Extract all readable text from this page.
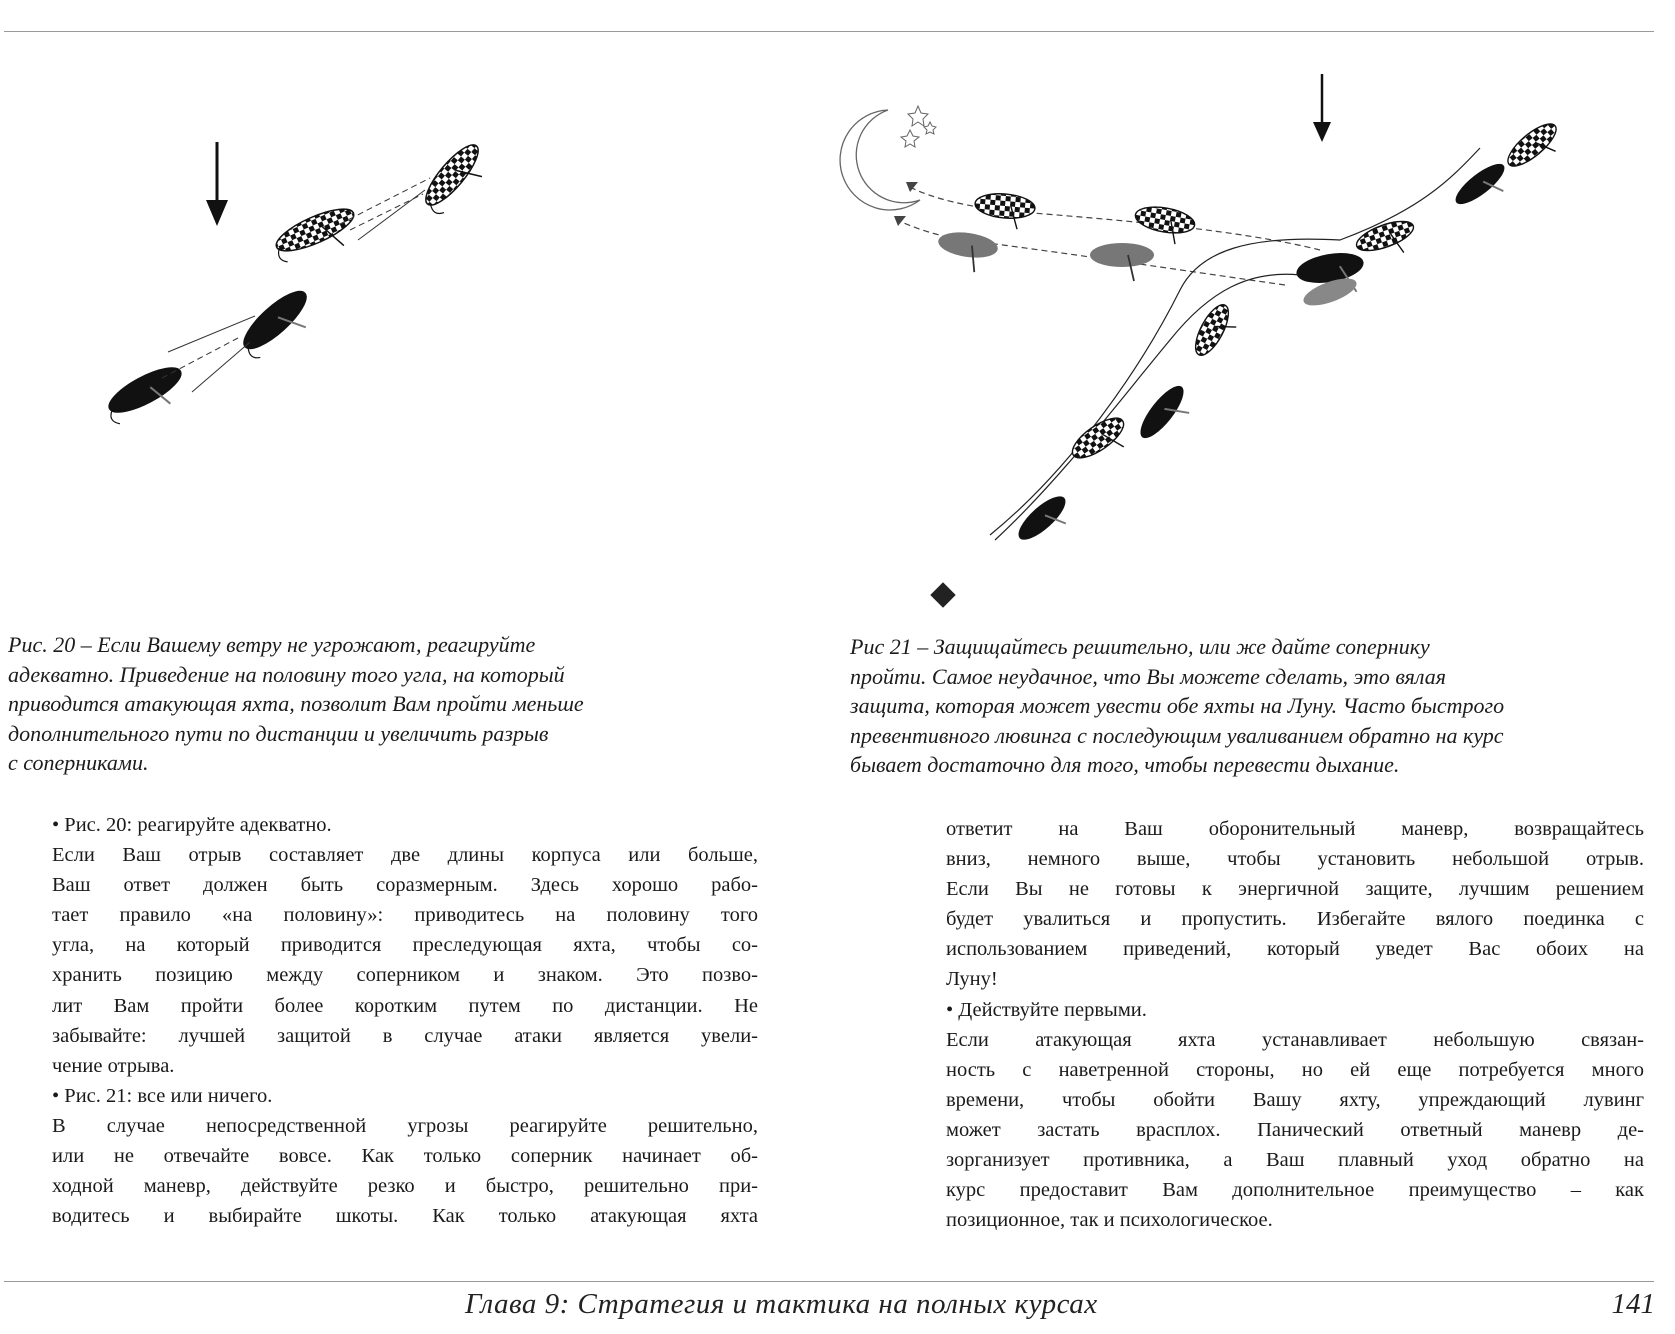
Рис. 20 – Если Вашему ветру не угрожают, реагируйте

адекватно. Приведение на половину того угла, на который

приводится атакующая яхта, позволит Вам пройти меньше

дополнительного пути по дистанции и увеличить разрыв

с соперниками.

Рис 21 – Защищайтесь решительно, или же дайте сопернику

пройти. Самое неудачное, что Вы можете сделать, это вялая

защита, которая может увести обе яхты на Луну. Часто быстрого

превентивного лювинга с последующим уваливанием обратно на курс

бывает достаточно для того, чтобы перевести дыхание.

• Рис. 20: реагируйте адекватно.

Если Ваш отрыв составляет две длины корпуса или больше,

Ваш ответ должен быть соразмерным. Здесь хорошо рабо-

тает правило «на половину»: приводитесь на половину того

угла, на который приводится преследующая яхта, чтобы со-

хранить позицию между соперником и знаком. Это позво-

лит Вам пройти более коротким путем по дистанции. Не

забывайте: лучшей защитой в случае атаки является увели-

чение отрыва.

• Рис. 21: все или ничего.

В случае непосредственной угрозы реагируйте решительно,

или не отвечайте вовсе. Как только соперник начинает об-

ходной маневр, действуйте резко и быстро, решительно при-

водитесь и выбирайте шкоты. Как только атакующая яхта

ответит на Ваш оборонительный маневр, возвращайтесь

вниз, немного выше, чтобы установить небольшой отрыв.

Если Вы не готовы к энергичной защите, лучшим решением

будет увалиться и пропустить. Избегайте вялого поединка с

использованием приведений, который уведет Вас обоих на

Луну!

• Действуйте первыми.

Если атакующая яхта устанавливает небольшую связан-

ность с наветренной стороны, но ей еще потребуется много

времени, чтобы обойти Вашу яхту, упреждающий лувинг

может застать врасплох. Панический ответный маневр де-

зорганизует противника, а Ваш плавный уход обратно на

курс предоставит Вам дополнительное преимущество – как

позиционное, так и психологическое.

Глава 9: Стратегия и тактика на полных курсах	141
